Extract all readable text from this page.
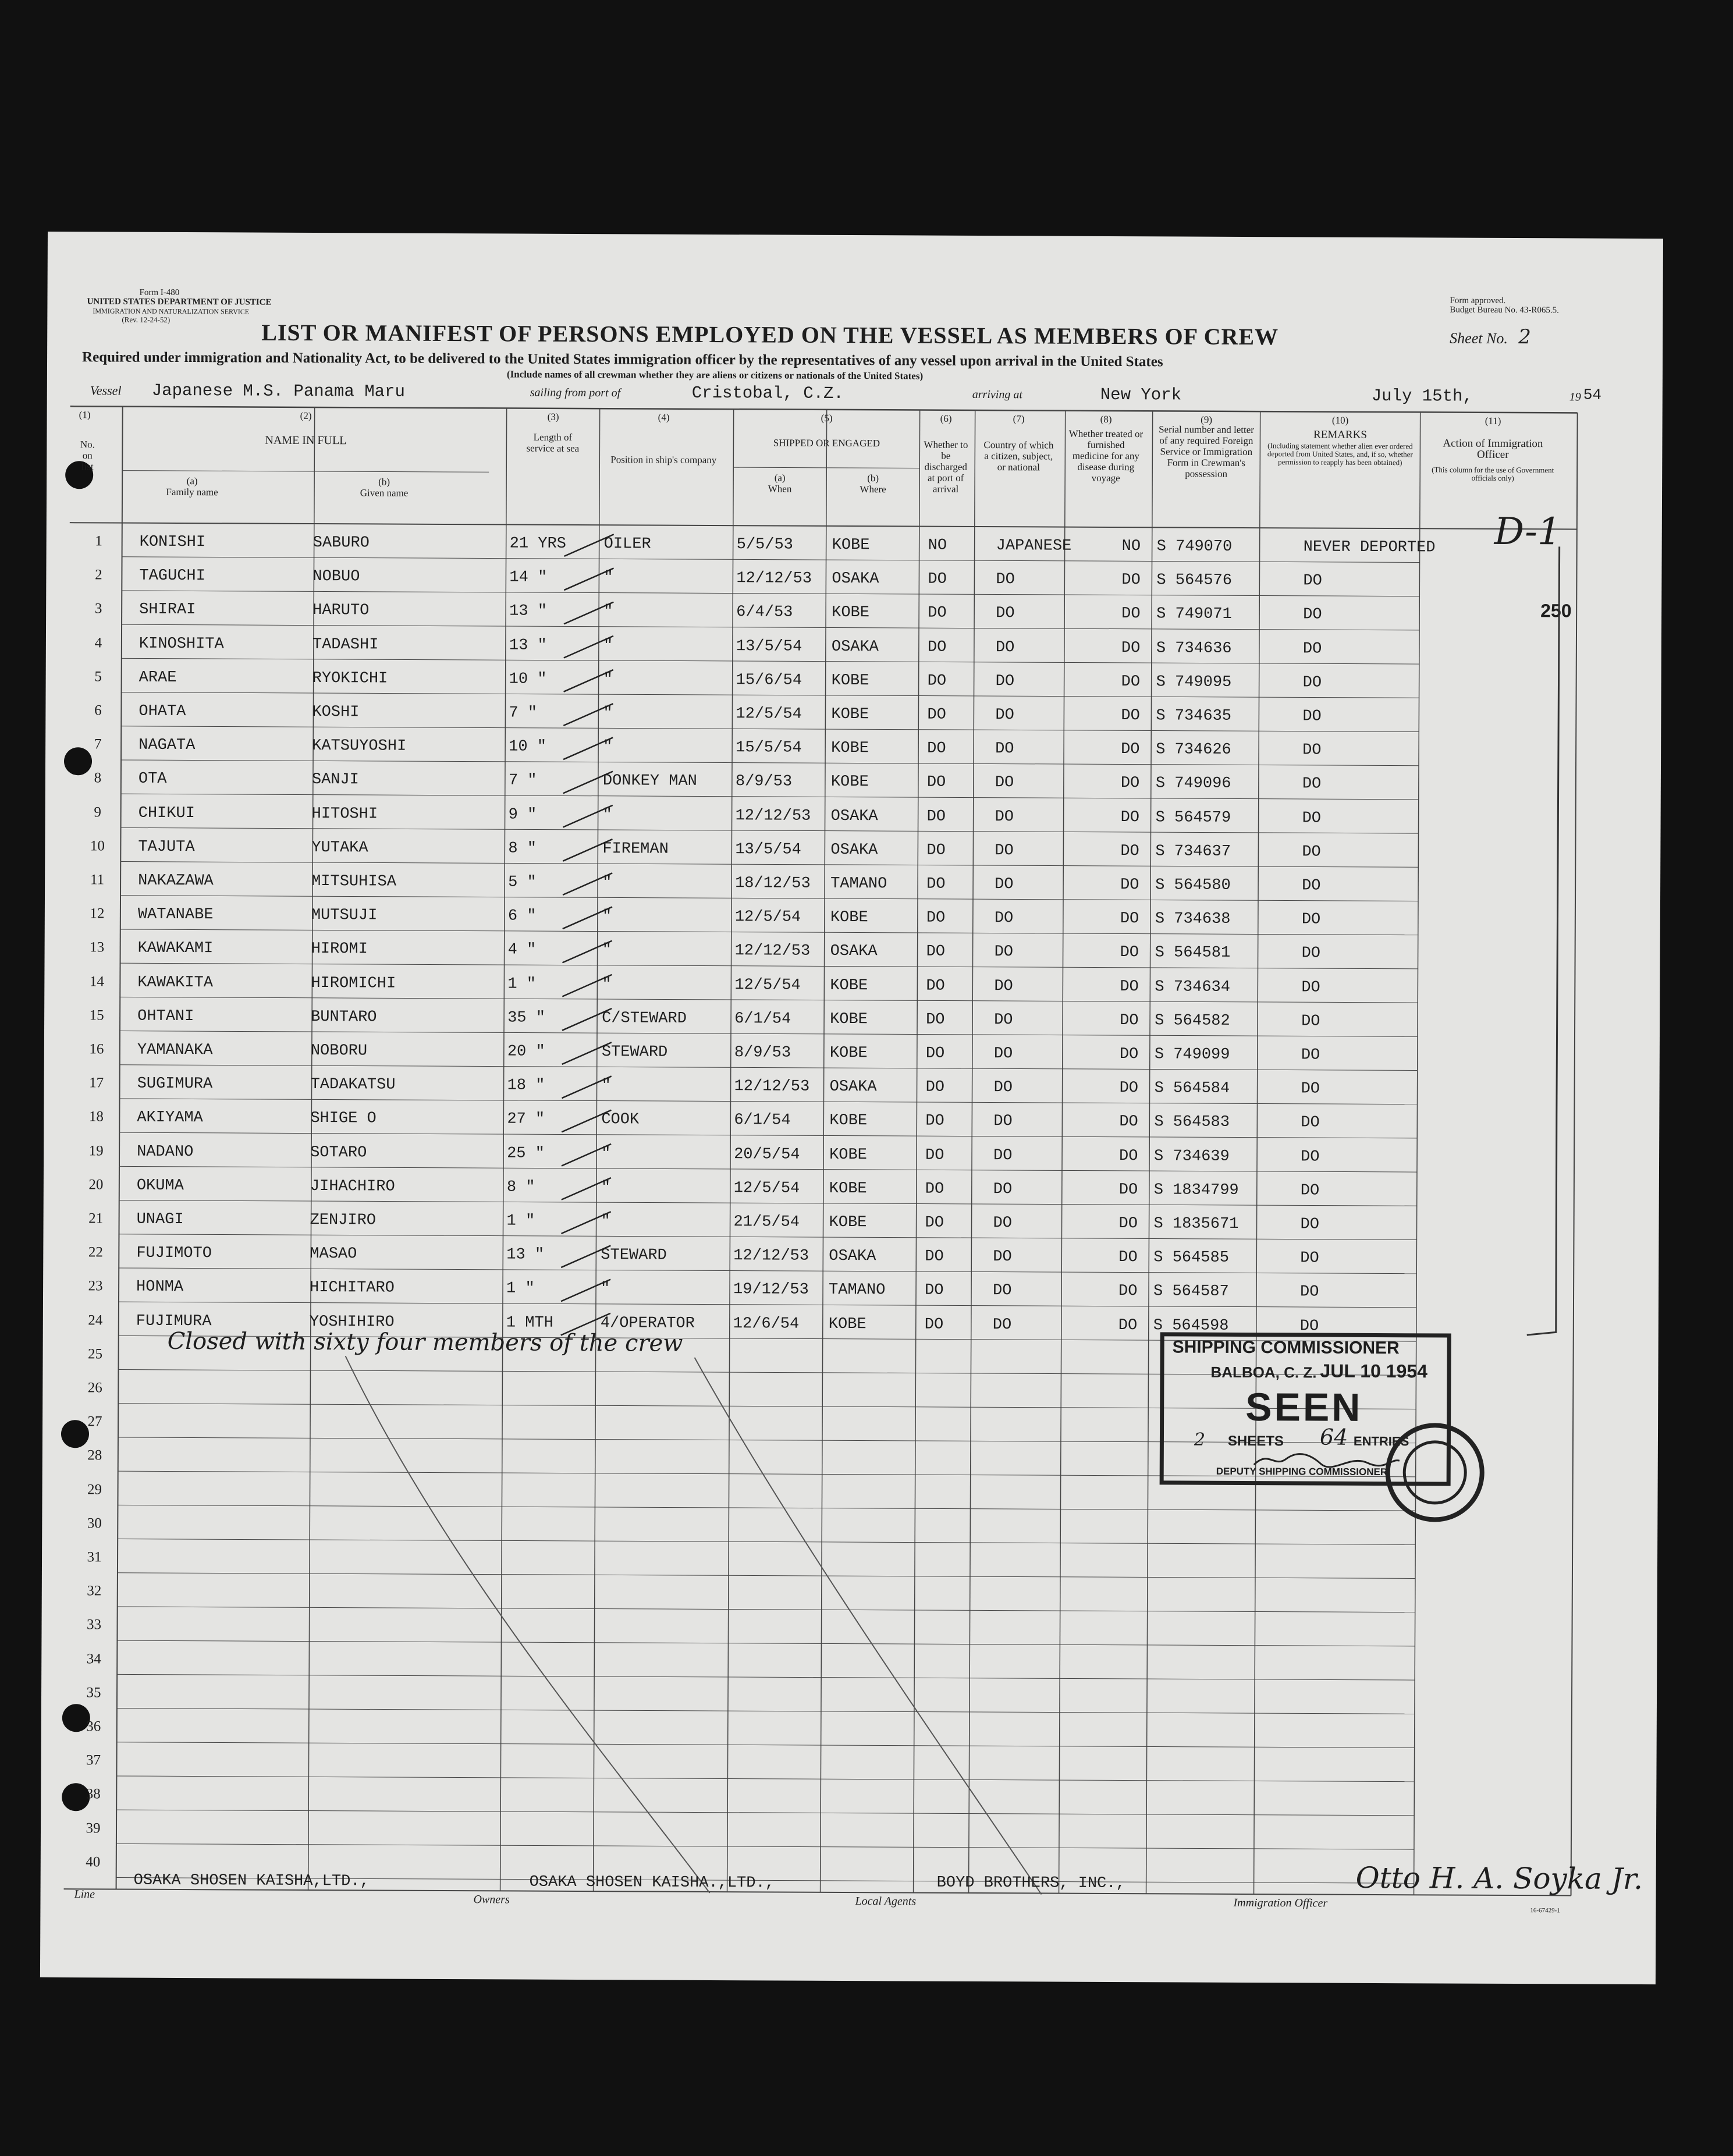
Form I-480
UNITED STATES DEPARTMENT OF JUSTICE
IMMIGRATION AND NATURALIZATION SERVICE
(Rev. 12-24-52)
Form approved.
Budget Bureau No. 43-R065.5.
LIST OR MANIFEST OF PERSONS EMPLOYED ON THE VESSEL AS MEMBERS OF CREW	Sheet No. 2
Required under immigration and Nationality Act, to be delivered to the United States immigration officer by the representatives of any vessel upon arrival in the United States
(Include names of all crewman whether they are aliens or citizens or nationals of the United States)
Vessel Japanese M.S. Panama Maru	sailing from port of	Cristobal, C.Z.	arriving at	New York	July 15th,	19 54
(1)
No. on list
(2)
NAME IN FULL
(a)
Family name
(b)
Given name
(3)
Length of service at sea
(4)
Position in ship's company
(5)
SHIPPED OR ENGAGED
(a)
When
(b)
Where
(6)
Whether to be discharged at port of arrival
(7)
Country of which a citizen, subject, or national
(8)
Whether treated or furnished medicine for any disease during voyage
(9)
Serial number and letter of any required Foreign Service or Immigration Form in Crewman's possession
(10)
REMARKS
(Including statement whether alien ever ordered deported from United States, and, if so, whether permission to reapply has been obtained)
(11)
Action of Immigration Officer
(This column for the use of Government officials only)
1	KONISHI	SABURO	21 YRS OILER	5/5/53 KOBE	NO	JAPANESE	NO S 749070	NEVER DEPORTED
2	TAGUCHI	NOBUO	14 "	"	12/12/53 OSAKA	DO	DO	DO S 564576	DO
3	SHIRAI	HARUTO	13 "	"	6/4/53 KOBE	DO	DO	DO S 749071	DO
4	KINOSHITA	TADASHI	13 "	"	13/5/54 OSAKA	DO	DO	DO S 734636	DO
5	ARAE	RYOKICHI	10 "	"	15/6/54 KOBE	DO	DO	DO S 749095	DO
6	OHATA	KOSHI	7 "	"	12/5/54 KOBE	DO	DO	DO S 734635	DO
7	NAGATA	KATSUYOSHI	10 "	"	15/5/54 KOBE	DO	DO	DO S 734626	DO
8	OTA	SANJI	7 "	DONKEY MAN 8/9/53 KOBE	DO	DO	DO S 749096	DO
9	CHIKUI	HITOSHI	9 "	"	12/12/53 OSAKA	DO	DO	DO S 564579	DO
10	TAJUTA	YUTAKA	8 "	FIREMAN	13/5/54 OSAKA	DO	DO	DO S 734637	DO
11	NAKAZAWA	MITSUHISA	5 "	"	18/12/53 TAMANO	DO	DO	DO S 564580	DO
12	WATANABE	MUTSUJI	6 "	"	12/5/54 KOBE	DO	DO	DO S 734638	DO
13	KAWAKAMI	HIROMI	4 "	"	12/12/53 OSAKA	DO	DO	DO S 564581	DO
14	KAWAKITA	HIROMICHI	1 "	"	12/5/54 KOBE	DO	DO	DO S 734634	DO
15	OHTANI	BUNTARO	35 "	C/STEWARD	6/1/54 KOBE	DO	DO	DO S 564582	DO
16	YAMANAKA	NOBORU	20 "	STEWARD	8/9/53 KOBE	DO	DO	DO S 749099	DO
17	SUGIMURA	TADAKATSU	18 "	"	12/12/53 OSAKA	DO	DO	DO S 564584	DO
18	AKIYAMA	SHIGE O	27 "	COOK	6/1/54 KOBE	DO	DO	DO S 564583	DO
19	NADANO	SOTARO	25 "	"	20/5/54 KOBE	DO	DO	DO S 734639	DO
20	OKUMA	JIHACHIRO	8 "	"	12/5/54 KOBE	DO	DO	DO S 1834799	DO
21	UNAGI	ZENJIRO	1 "	"	21/5/54 KOBE	DO	DO	DO S 1835671	DO
22	FUJIMOTO	MASAO	13 "	STEWARD	12/12/53 OSAKA	DO	DO	DO S 564585	DO
23	HONMA	HICHITARO	1 "	"	19/12/53 TAMANO	DO	DO	DO S 564587	DO
24	FUJIMURA	YOSHIHIRO	1 MTH	4/OPERATOR 12/6/54 KOBE	DO	DO	DO S 564598	DO
25
26
27
28
29
30
31
32
33
34
35
36
37
38
39
40
D-1
250
Closed with sixty four members of the crew	SHIPPING COMMISSIONER
BALBOA, C. Z. JUL 10 1954
SEEN
2 SHEETS 64 ENTRIES
DEPUTY SHIPPING COMMISSIONER
Line
OSAKA SHOSEN KAISHA,LTD.,
Owners
OSAKA SHOSEN KAISHA.,LTD.,
Local Agents
BOYD BROTHERS, INC.,
Immigration Officer
Otto H. A. Soyka Jr.
16-67429-1
